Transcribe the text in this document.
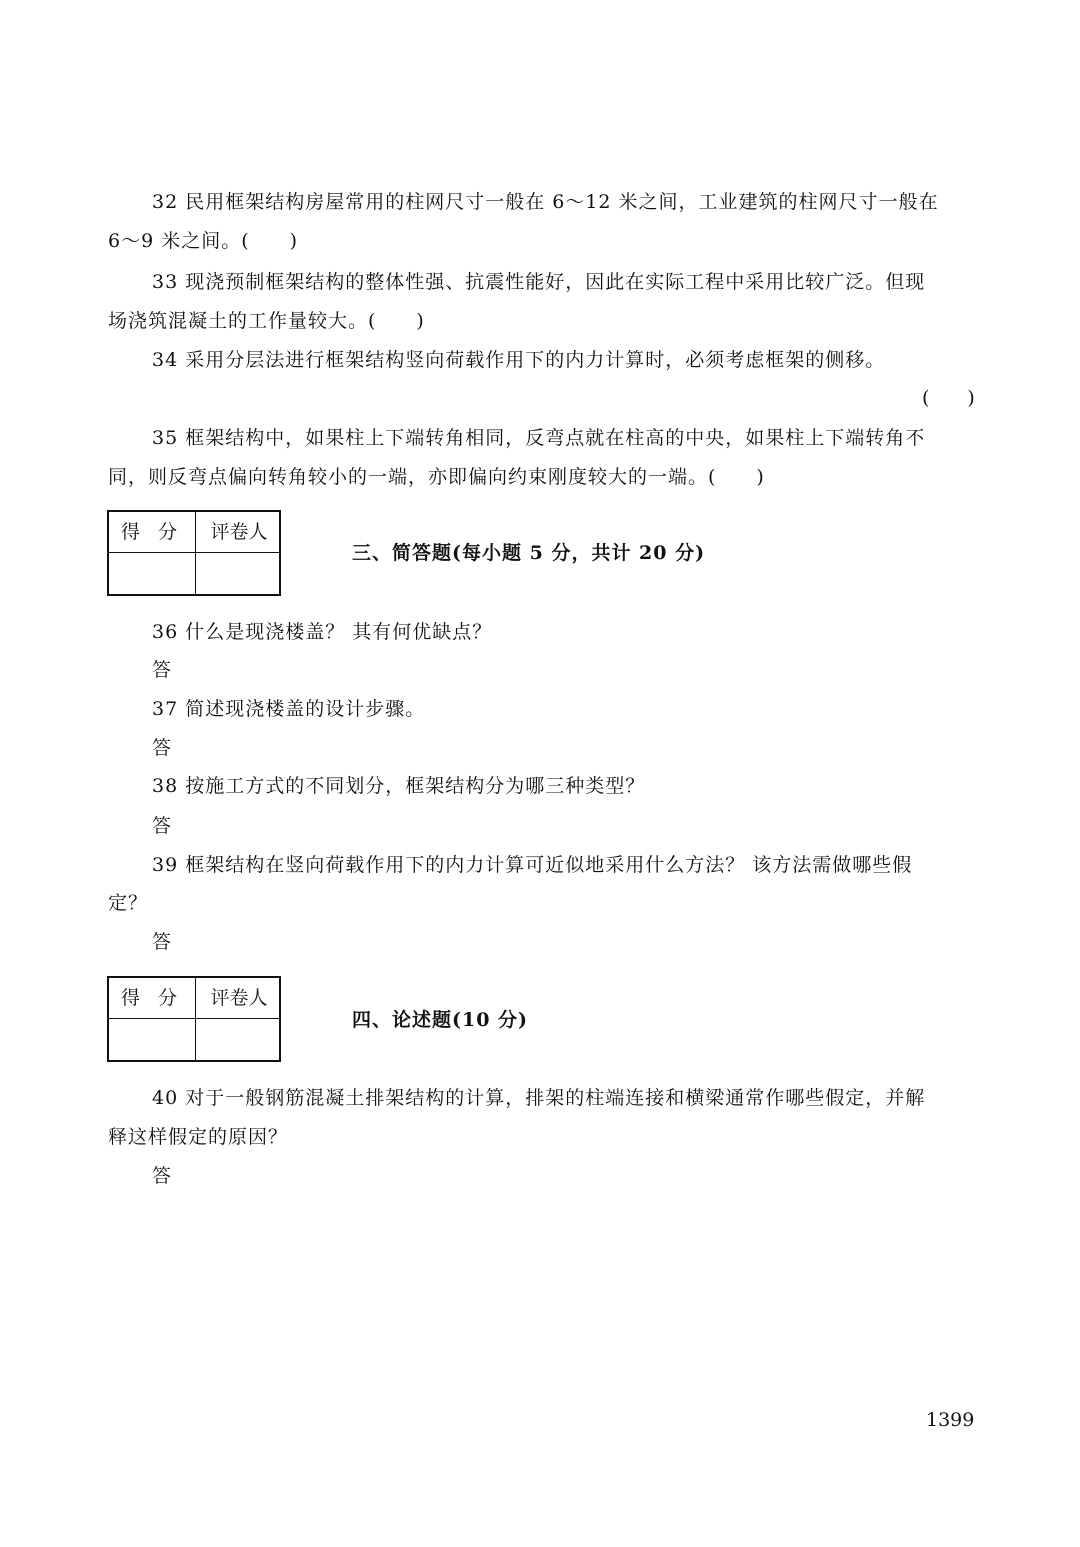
32 民用框架结构房屋常用的柱网尺寸一般在 6～12 米之间，工业建筑的柱网尺寸一般在
6～9 米之间。(　　)
33 现浇预制框架结构的整体性强、抗震性能好，因此在实际工程中采用比较广泛。但现
场浇筑混凝土的工作量较大。(　　)
34 采用分层法进行框架结构竖向荷载作用下的内力计算时，必须考虑框架的侧移。
(　　)
35 框架结构中，如果柱上下端转角相同，反弯点就在柱高的中央，如果柱上下端转角不
同，则反弯点偏向转角较小的一端，亦即偏向约束刚度较大的一端。(　　)
得 分	评卷人
三、简答题(每小题 5 分，共计 20 分)
36 什么是现浇楼盖？ 其有何优缺点？
答
37 简述现浇楼盖的设计步骤。
答
38 按施工方式的不同划分，框架结构分为哪三种类型？
答
39 框架结构在竖向荷载作用下的内力计算可近似地采用什么方法？ 该方法需做哪些假
定？
答
得 分	评卷人
四、论述题(10 分)
40 对于一般钢筋混凝土排架结构的计算，排架的柱端连接和横梁通常作哪些假定，并解
释这样假定的原因？
答
1399
